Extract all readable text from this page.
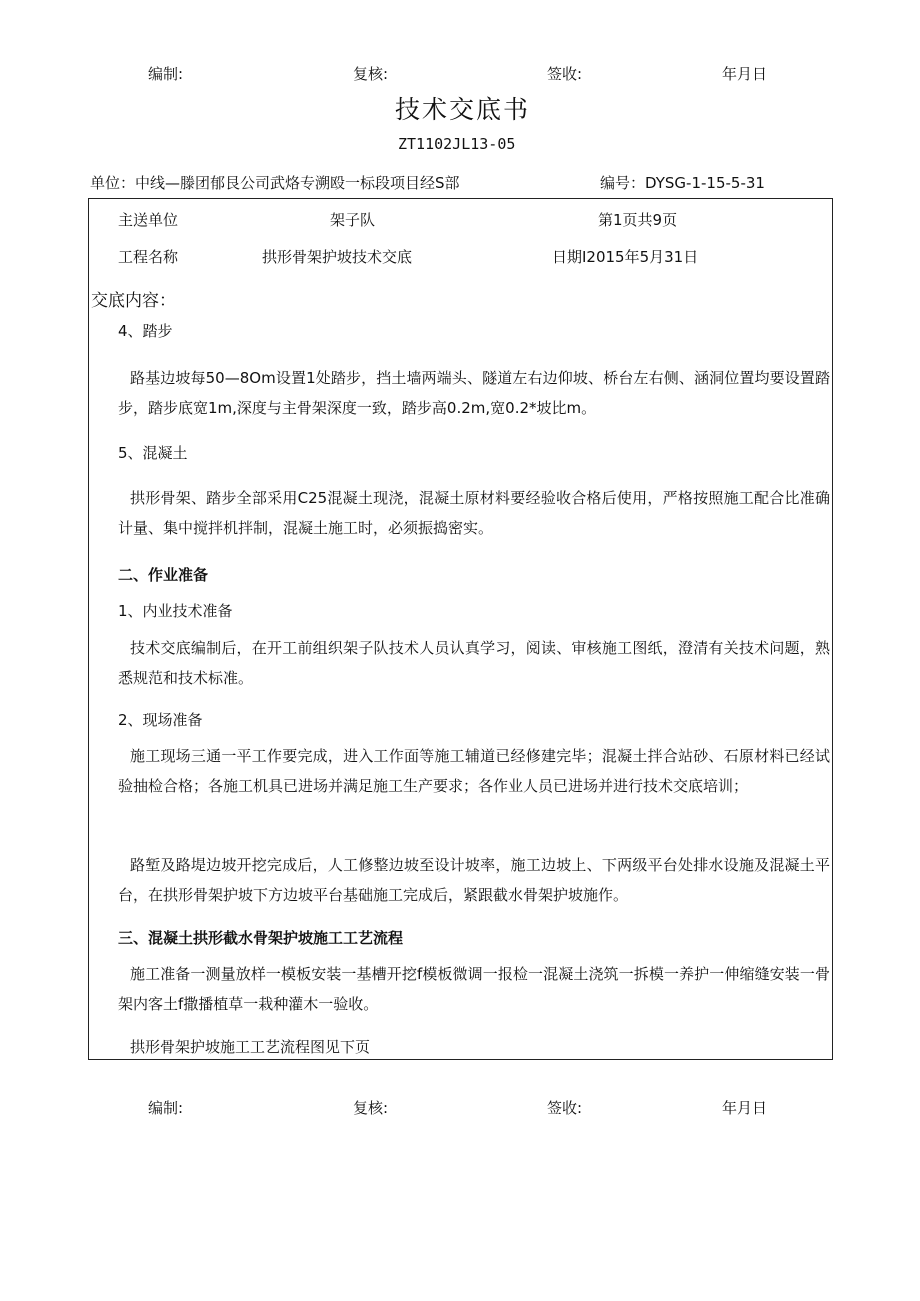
编制:	复核:	签收:	年月日
技术交底书
ZT1102JL13-05
单位：中线—滕团郁艮公司武烙专溯殴一标段项目经S部	编号：DYSG-1-15-5-31
主送单位	架子队	第1页共9页
工程名称	拱形骨架护坡技术交底	日期I2015年5月31日
交底内容：
4、踏步
路基边坡每50—8Om设置1处踏步，挡土墙两端头、隧道左右边仰坡、桥台左右侧、涵洞位置均要设置踏步，踏步底宽1m,深度与主骨架深度一致，踏步高0.2m,宽0.2*坡比m。
5、混凝土
拱形骨架、踏步全部采用C25混凝土现浇，混凝土原材料要经验收合格后使用，严格按照施工配合比准确计量、集中搅拌机拌制，混凝土施工时，必须振捣密实。
二、作业准备
1、内业技术准备
技术交底编制后，在开工前组织架子队技术人员认真学习，阅读、审核施工图纸，澄清有关技术问题，熟悉规范和技术标准。
2、现场准备
施工现场三通一平工作要完成，进入工作面等施工辅道已经修建完毕；混凝土拌合站砂、石原材料已经试验抽检合格；各施工机具已进场并满足施工生产要求；各作业人员已进场并进行技术交底培训；
路堑及路堤边坡开挖完成后，人工修整边坡至设计坡率，施工边坡上、下两级平台处排水设施及混凝土平台，在拱形骨架护坡下方边坡平台基础施工完成后，紧跟截水骨架护坡施作。
三、混凝土拱形截水骨架护坡施工工艺流程
施工准备一测量放样一模板安装一基槽开挖f模板微调一报检一混凝土浇筑一拆模一养护一伸缩缝安装一骨架内客土f撒播植草一栽种灌木一验收。
拱形骨架护坡施工工艺流程图见下页
编制:	复核:	签收:	年月日
